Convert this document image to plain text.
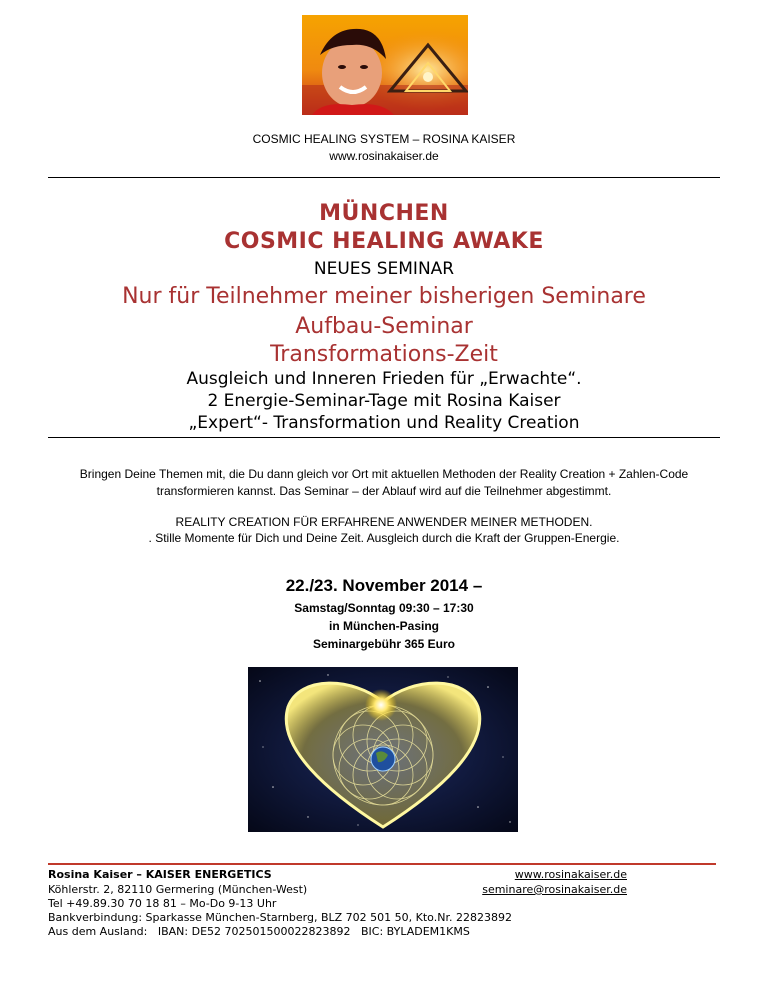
COSMIC HEALING SYSTEM – ROSINA KAISER
www.rosinakaiser.de
MÜNCHEN
COSMIC HEALING AWAKE
NEUES SEMINAR
Nur für Teilnehmer meiner bisherigen Seminare
Aufbau-Seminar
Transformations-Zeit
Ausgleich und Inneren Frieden für „Erwachte“.
2 Energie-Seminar-Tage mit Rosina Kaiser
„Expert“- Transformation und Reality Creation
Bringen Deine Themen mit, die Du dann gleich vor Ort mit aktuellen Methoden der Reality Creation + Zahlen-Code
transformieren kannst. Das Seminar – der Ablauf wird auf die Teilnehmer abgestimmt.
REALITY CREATION FÜR ERFAHRENE ANWENDER MEINER METHODEN.
. Stille Momente für Dich und Deine Zeit. Ausgleich durch die Kraft der Gruppen-Energie.
22./23. November 2014 –
Samstag/Sonntag 09:30 – 17:30
in München-Pasing
Seminargebühr 365 Euro
Rosina Kaiser – KAISER ENERGETICS	www.rosinakaiser.de
Köhlerstr. 2, 82110 Germering (München-West)	seminare@rosinakaiser.de
Tel +49.89.30 70 18 81 – Mo-Do 9-13 Uhr
Bankverbindung: Sparkasse München-Starnberg, BLZ 702 501 50, Kto.Nr. 22823892
Aus dem Ausland:   IBAN: DE52 702501500022823892   BIC: BYLADEM1KMS
